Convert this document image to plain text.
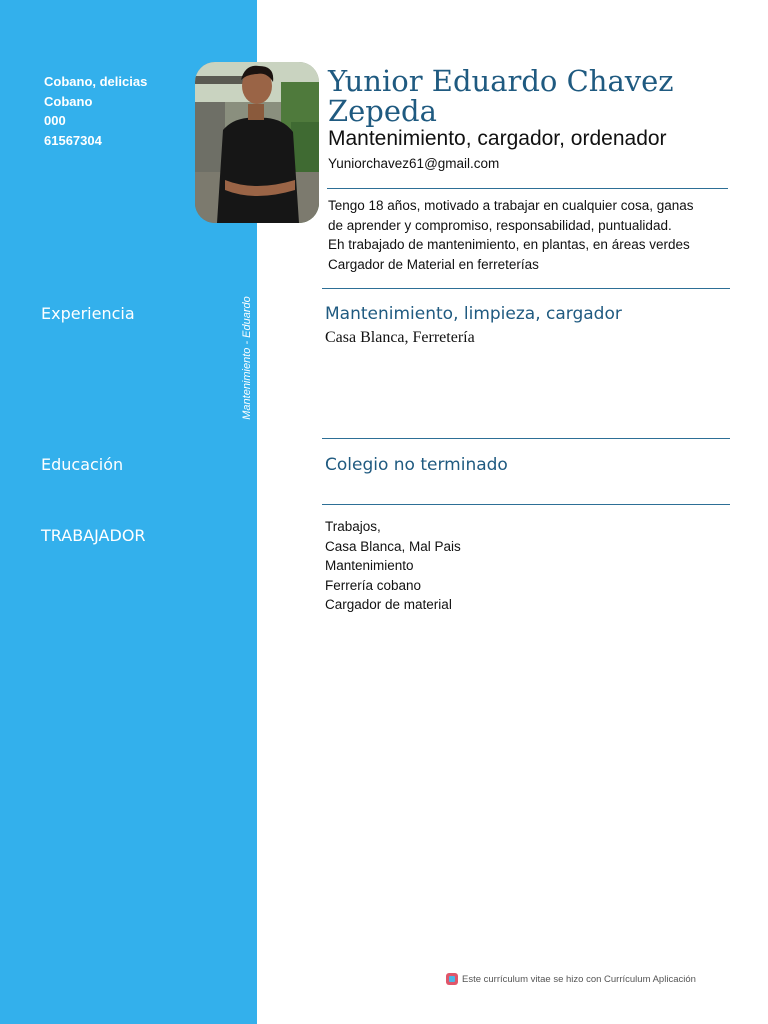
Cobano, delicias
Cobano
000
61567304
Experiencia
Educación
TRABAJADOR
Mantenimiento - Eduardo
Yunior Eduardo Chavez Zepeda
Mantenimiento, cargador, ordenador
Yuniorchavez61@gmail.com
Tengo 18 años, motivado a trabajar en cualquier cosa, ganas
de aprender y compromiso, responsabilidad, puntualidad.
Eh trabajado de mantenimiento, en plantas, en áreas verdes
Cargador de Material en ferreterías
Mantenimiento, limpieza, cargador
Casa Blanca, Ferretería
Colegio no terminado
Trabajos,
Casa Blanca, Mal Pais
Mantenimiento
Ferrería cobano
Cargador de material
Este currículum vitae se hizo con Currículum Aplicación
